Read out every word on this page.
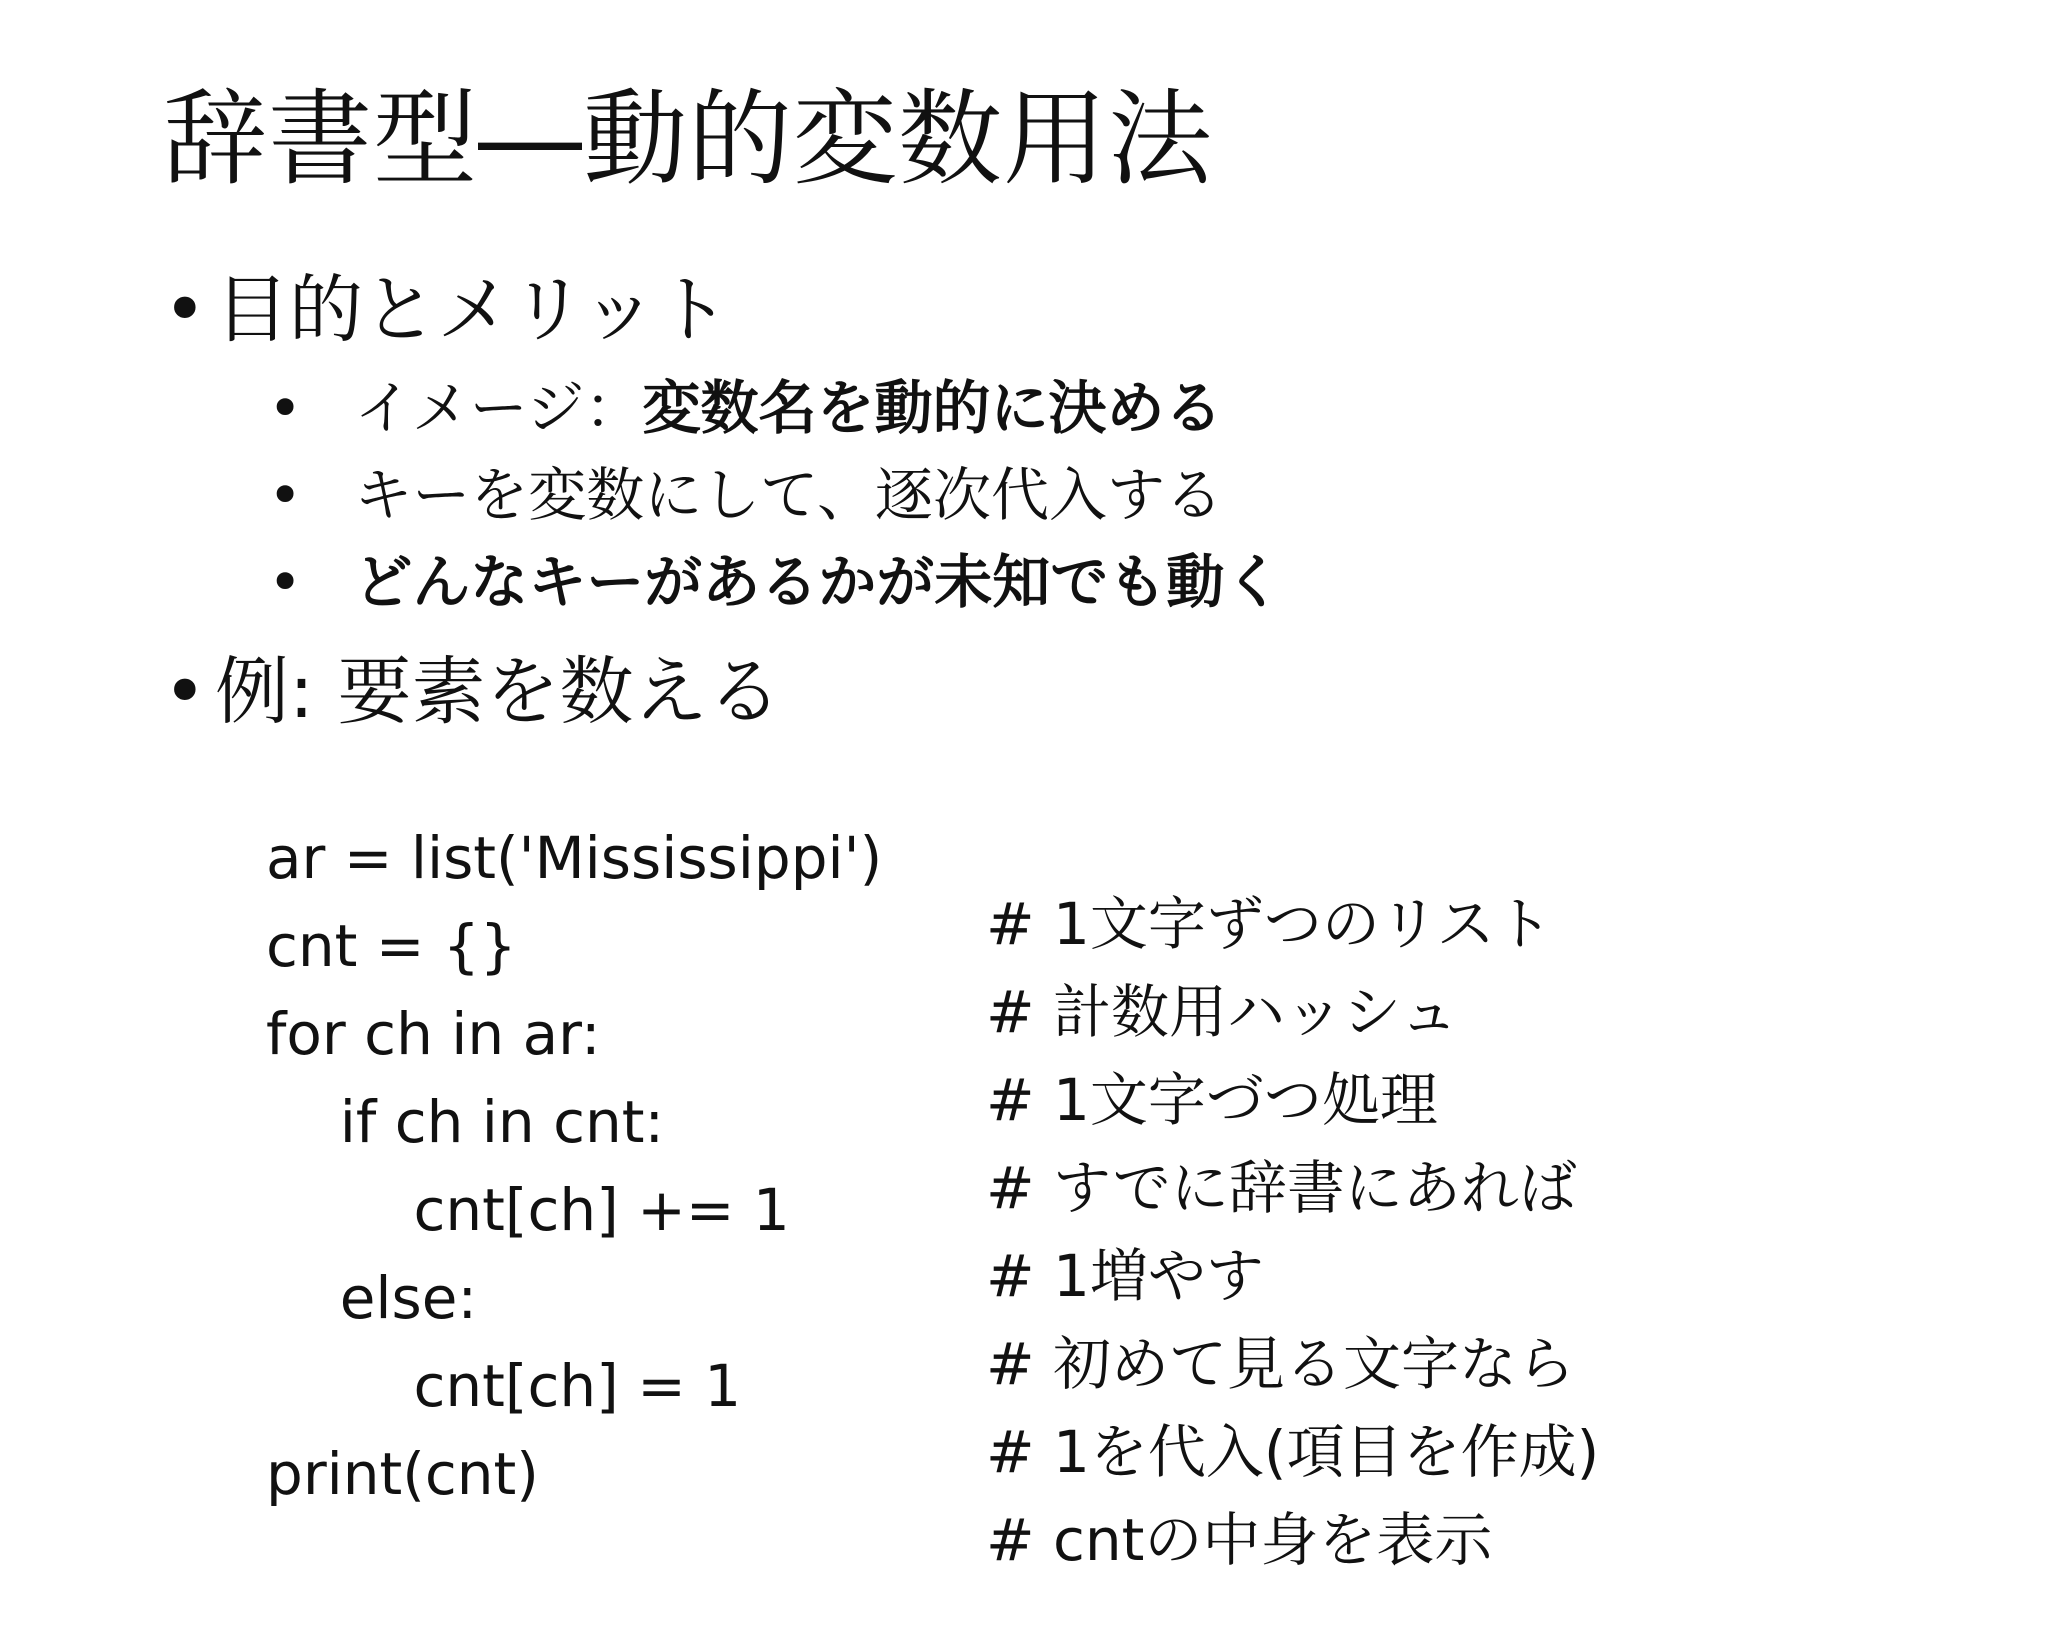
辞書型―動的変数用法
• 目的とメリット
• イメージ：変数名を動的に決める
• キーを変数にして、逐次代入する
• どんなキーがあるかが未知でも動く
• 例: 要素を数える

ar = list('Mississippi')

# 1文字ずつのリスト

cnt = {}

# 計数用ハッシュ

for ch in ar:

# 1文字づつ処理

if ch in cnt:

# すでに辞書にあれば

cnt[ch] += 1

# 1増やす

else:

# 初めて見る文字なら

cnt[ch] = 1

# 1を代入(項目を作成)

print(cnt)

# cntの中身を表示
